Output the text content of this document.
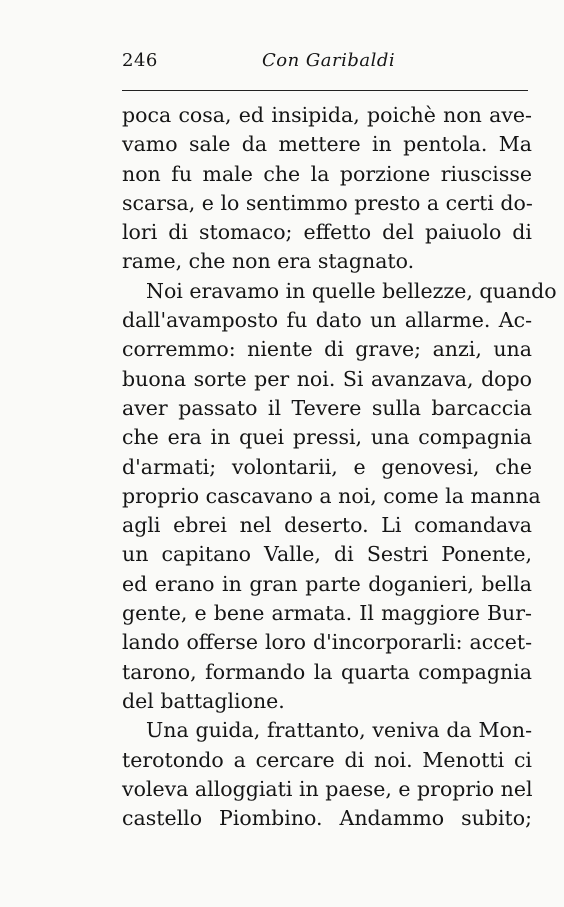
246	Con Garibaldi
poca cosa, ed insipida, poichè non ave-
vamo sale da mettere in pentola. Ma
non fu male che la porzione riuscisse
scarsa, e lo sentimmo presto a certi do-
lori di stomaco; effetto del paiuolo di
rame, che non era stagnato.
Noi eravamo in quelle bellezze, quando
dall'avamposto fu dato un allarme. Ac-
corremmo: niente di grave; anzi, una
buona sorte per noi. Si avanzava, dopo
aver passato il Tevere sulla barcaccia
che era in quei pressi, una compagnia
d'armati; volontarii, e genovesi, che
proprio cascavano a noi, come la manna
agli ebrei nel deserto. Li comandava
un capitano Valle, di Sestri Ponente,
ed erano in gran parte doganieri, bella
gente, e bene armata. Il maggiore Bur-
lando offerse loro d'incorporarli: accet-
tarono, formando la quarta compagnia
del battaglione.
Una guida, frattanto, veniva da Mon-
terotondo a cercare di noi. Menotti ci
voleva alloggiati in paese, e proprio nel
castello Piombino. Andammo subito;
